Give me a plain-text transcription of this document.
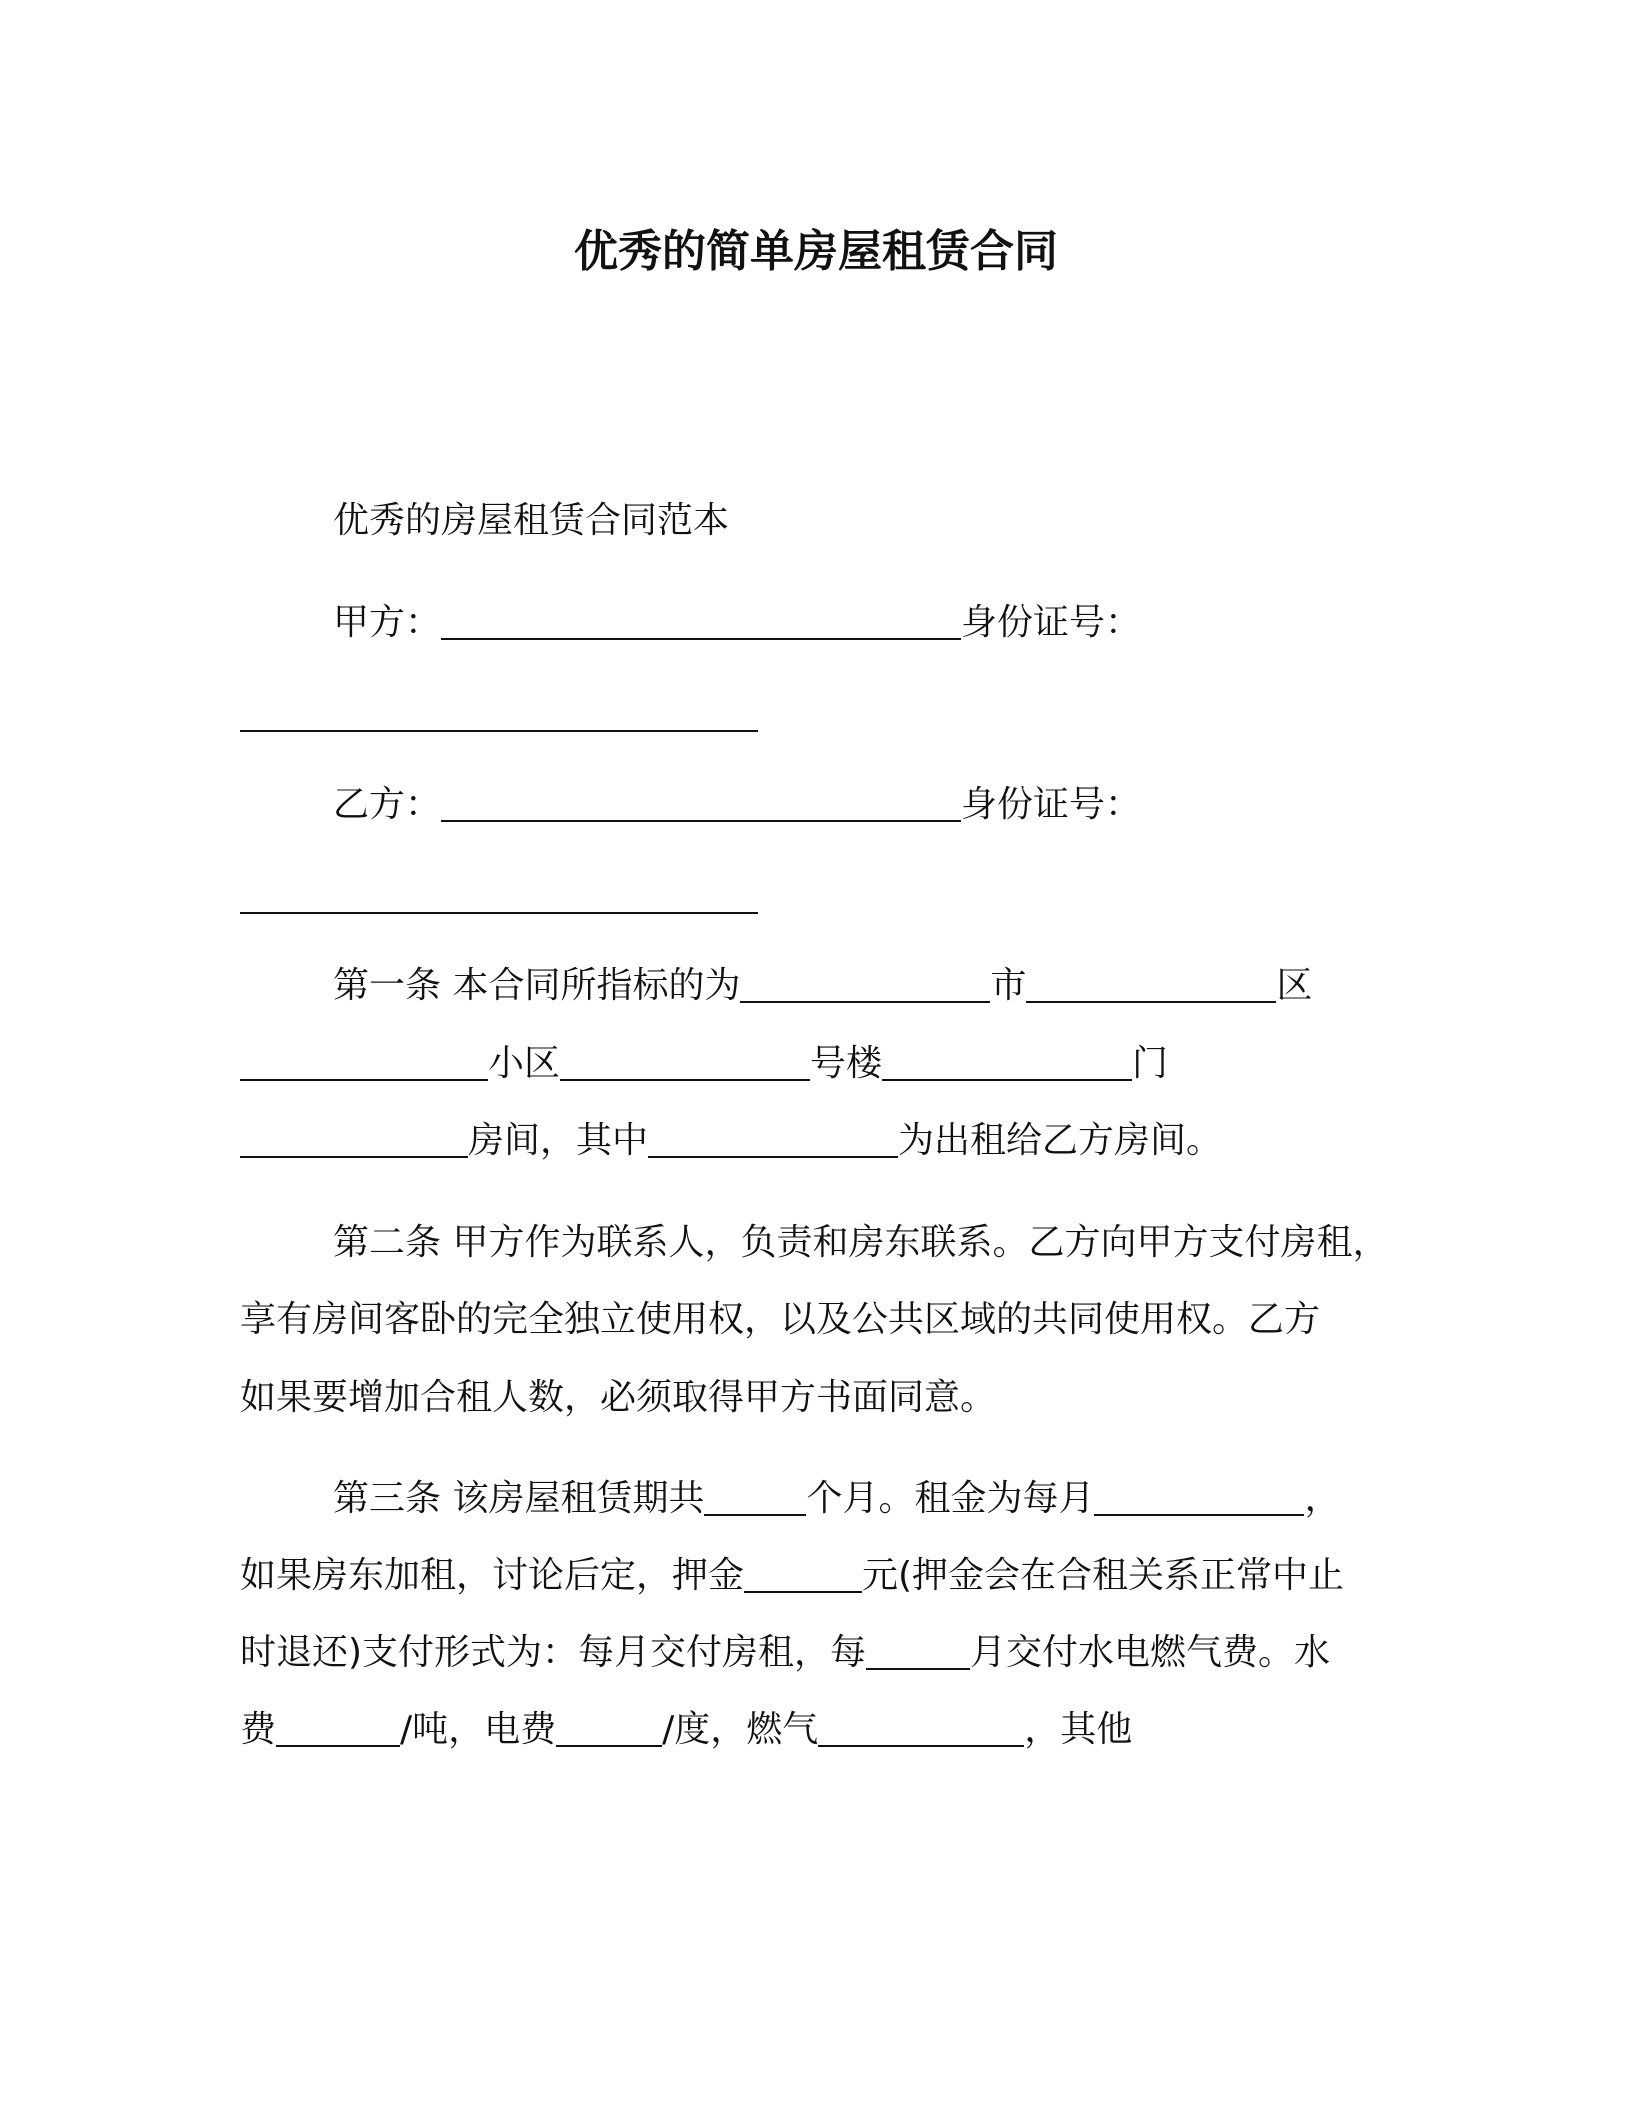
优秀的简单房屋租赁合同
优秀的房屋租赁合同范本
甲方：	身份证号：
乙方：	身份证号：
第一条 本合同所指标的为	市	区
小区	号楼	门
房间，其中	为出租给乙方房间。
第二条 甲方作为联系人，负责和房东联系。乙方向甲方支付房租，
享有房间客卧的完全独立使用权，以及公共区域的共同使用权。乙方
如果要增加合租人数，必须取得甲方书面同意。
第三条 该房屋租赁期共	个月。租金为每月	，
如果房东加租，讨论后定，押金	元(押金会在合租关系正常中止
时退还)支付形式为：每月交付房租，每	月交付水电燃气费。水
费	/吨，电费	/度，燃气	，其他
